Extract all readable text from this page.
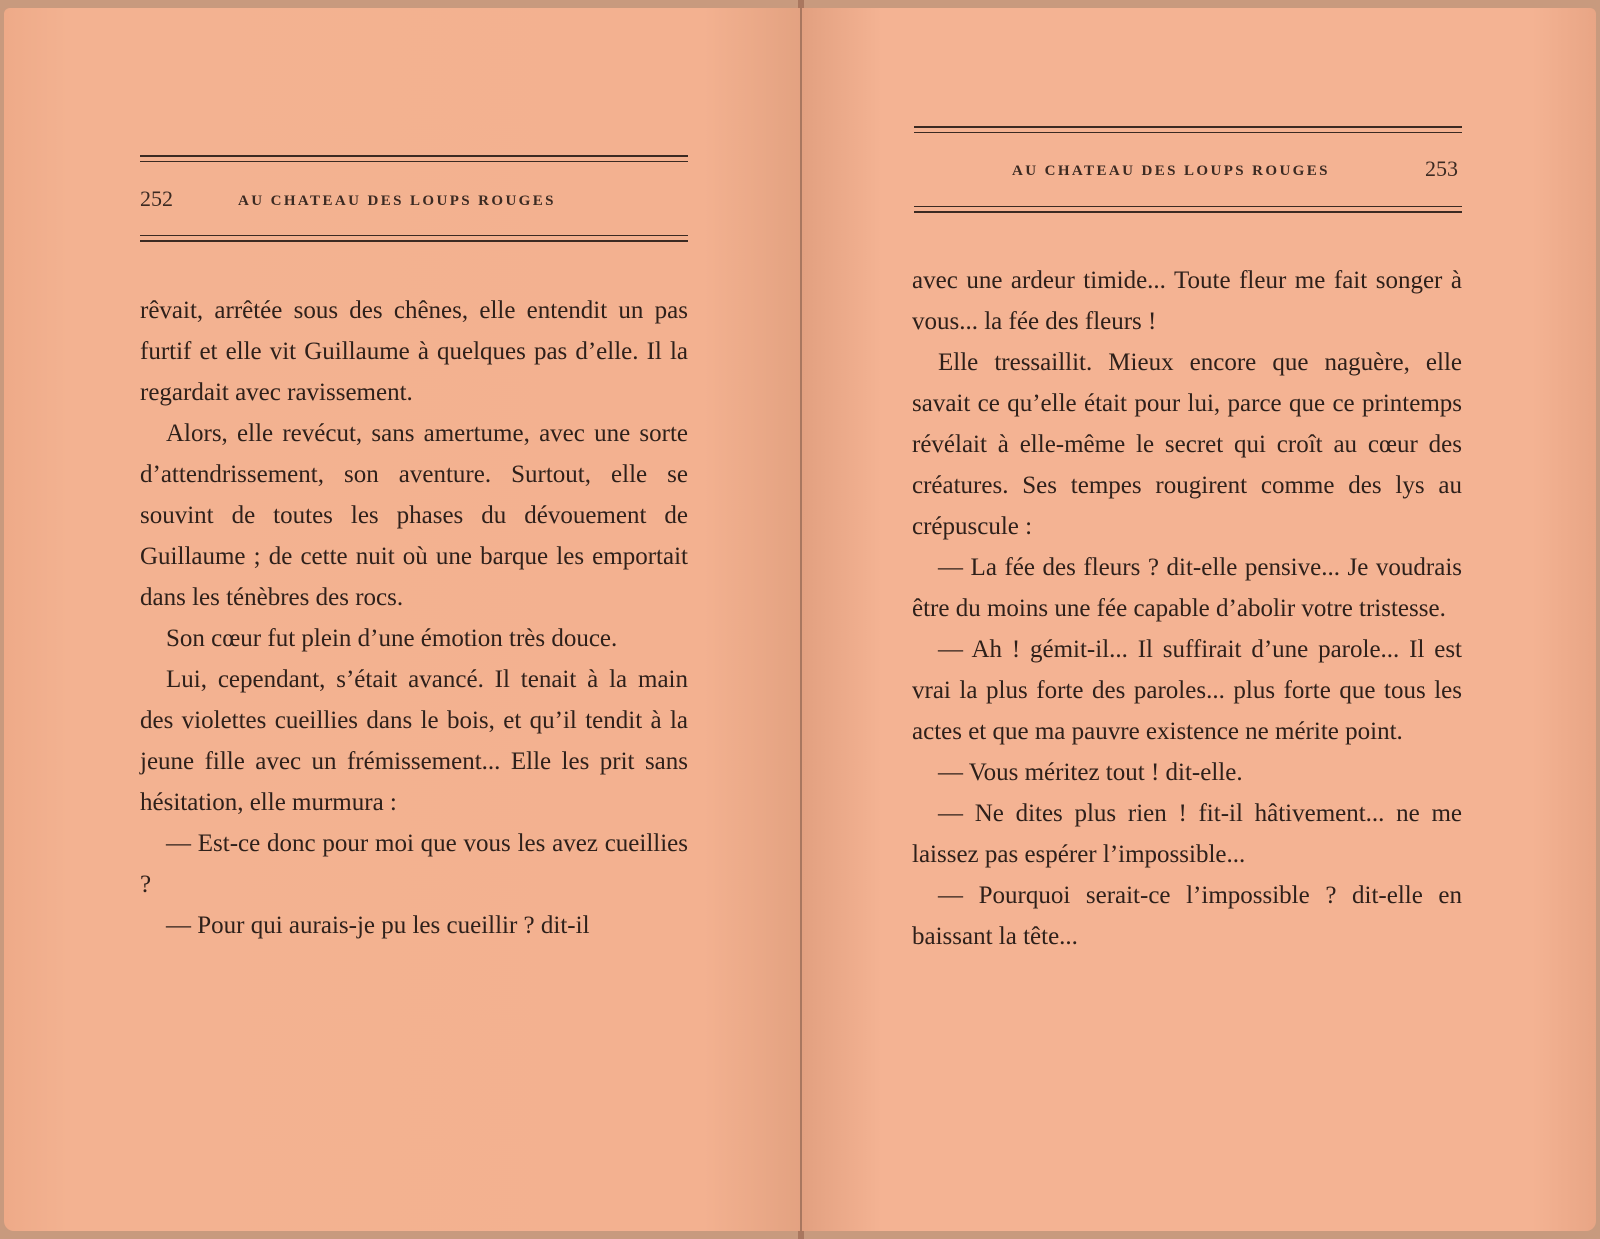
252	AU CHATEAU DES LOUPS ROUGES

rêvait, arrêtée sous des chênes, elle entendit un pas furtif et elle vit Guillaume à quelques pas d’elle. Il la regardait avec ravissement.

Alors, elle revécut, sans amertume, avec une sorte d’attendrissement, son aventure. Surtout, elle se souvint de toutes les phases du dévouement de Guillaume ; de cette nuit où une barque les emportait dans les ténèbres des rocs.

Son cœur fut plein d’une émotion très douce.

Lui, cependant, s’était avancé. Il tenait à la main des violettes cueillies dans le bois, et qu’il tendit à la jeune fille avec un frémissement... Elle les prit sans hésitation, elle murmura :

— Est-ce donc pour moi que vous les avez cueillies ?

— Pour qui aurais-je pu les cueillir ? dit-il

AU CHATEAU DES LOUPS ROUGES	253

avec une ardeur timide... Toute fleur me fait songer à vous... la fée des fleurs !

Elle tressaillit. Mieux encore que naguère, elle savait ce qu’elle était pour lui, parce que ce printemps révélait à elle-même le secret qui croît au cœur des créatures. Ses tempes rougirent comme des lys au crépuscule :

— La fée des fleurs ? dit-elle pensive... Je voudrais être du moins une fée capable d’abolir votre tristesse.

— Ah ! gémit-il... Il suffirait d’une parole... Il est vrai la plus forte des paroles... plus forte que tous les actes et que ma pauvre existence ne mérite point.

— Vous méritez tout ! dit-elle.

— Ne dites plus rien ! fit-il hâtivement... ne me laissez pas espérer l’impossible...

— Pourquoi serait-ce l’impossible ? dit-elle en baissant la tête...
